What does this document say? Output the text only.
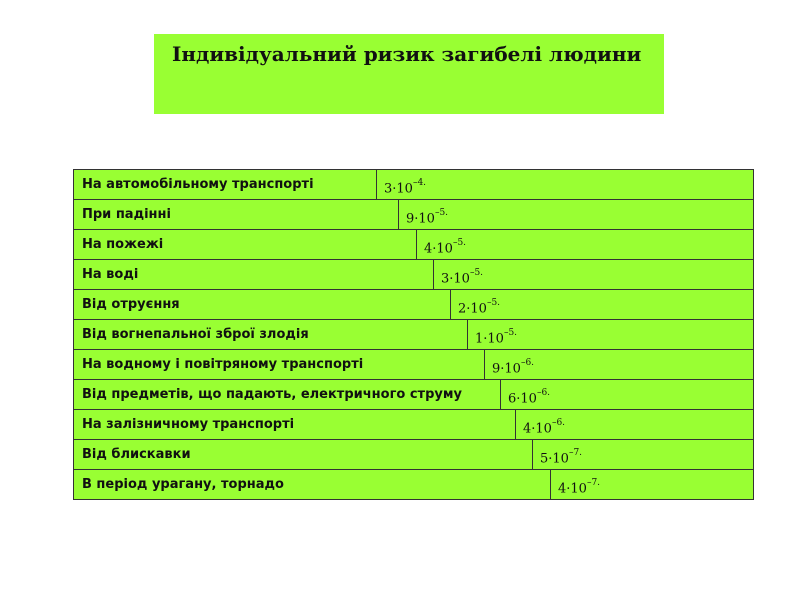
Індивідуальний ризик загибелі людини
На автомобільному транспорті	$3\cdot 10^{-4.}$
При падінні	$9\cdot 10^{-5.}$
На пожежі	$4\cdot 10^{-5.}$
На воді	$3\cdot 10^{-5.}$
Від отруєння	$2\cdot 10^{-5.}$
Від вогнепальної зброї злодія	$1\cdot 10^{-5.}$
На водному і повітряному транспорті	$9\cdot 10^{-6.}$
Від предметів, що падають, електричного струму	$6\cdot 10^{-6.}$
На залізничному транспорті	$4\cdot 10^{-6.}$
Від блискавки	$5\cdot 10^{-7.}$
В період урагану, торнадо	$4\cdot 10^{-7.}$
